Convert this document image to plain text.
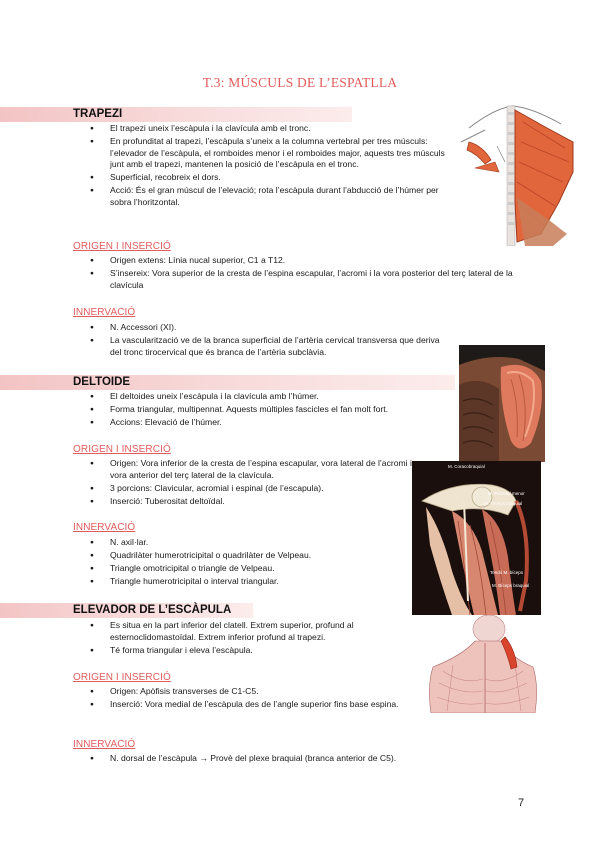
T.3: MÚSCULS DE L’ESPATLLA
TRAPEZI
● El trapezi uneix l’escàpula i la clavícula amb el tronc.
● En profunditat al trapezi, l’escàpula s’uneix a la columna vertebral per tres músculs: l’elevador de l’escàpula, el romboides menor i el romboides major, aquests tres músculs junt amb el trapezi, mantenen la posició de l’escàpula en el tronc.
● Superficial, recobreix el dors.
● Acció: És el gran múscul de l’elevació; rota l’escàpula durant l’abducció de l’húmer per sobra l’horitzontal.
ORIGEN I INSERCIÓ
● Origen extens: Línia nucal superior, C1 a T12.
● S’insereix: Vora superior de la cresta de l’espina escapular, l’acromi i la vora posterior del terç lateral de la clavícula
INNERVACIÓ
● N. Accessori (XI).
● La vascularització ve de la branca superficial de l’artèria cervical transversa que deriva del tronc tirocervical que és branca de l’artèria subclàvia.
DELTOIDE
● El deltoides uneix l’escàpula i la clavícula amb l’húmer.
● Forma triangular, multipennat. Aquests múltiples fascicles el fan molt fort.
● Accions: Elevació de l’húmer.
ORIGEN I INSERCIÓ
● Origen: Vora inferior de la cresta de l’espina escapular, vora lateral de l’acromi i vora anterior del terç lateral de la clavícula.
● 3 porcions: Clavicular, acromial i espinal (de l’escapula).
● Inserció: Tuberositat deltoïdal.
INNERVACIÓ
● N. axil·lar.
● Quadrilàter humerotricipital o quadrilàter de Velpeau.
● Triangle omotricipital o triangle de Velpeau.
● Triangle humerotricipital o interval triangular.
M. Coracobraquial
M. Pectoral menor
M. Tríceps braquial
Tendó M. bíceps
M. Bíceps braquial
ELEVADOR DE L’ESCÀPULA
● Es situa en la part inferior del clatell. Extrem superior, profund al esternoclidomastoïdal. Extrem inferior profund al trapezi.
● Té forma triangular i eleva l’escàpula.
ORIGEN I INSERCIÓ
● Origen: Apòfisis transverses de C1-C5.
● Inserció: Vora medial de l’escàpula des de l’angle superior fins base espina.
INNERVACIÓ
● N. dorsal de l’escàpula → Provè del plexe braquial (branca anterior de C5).
7
